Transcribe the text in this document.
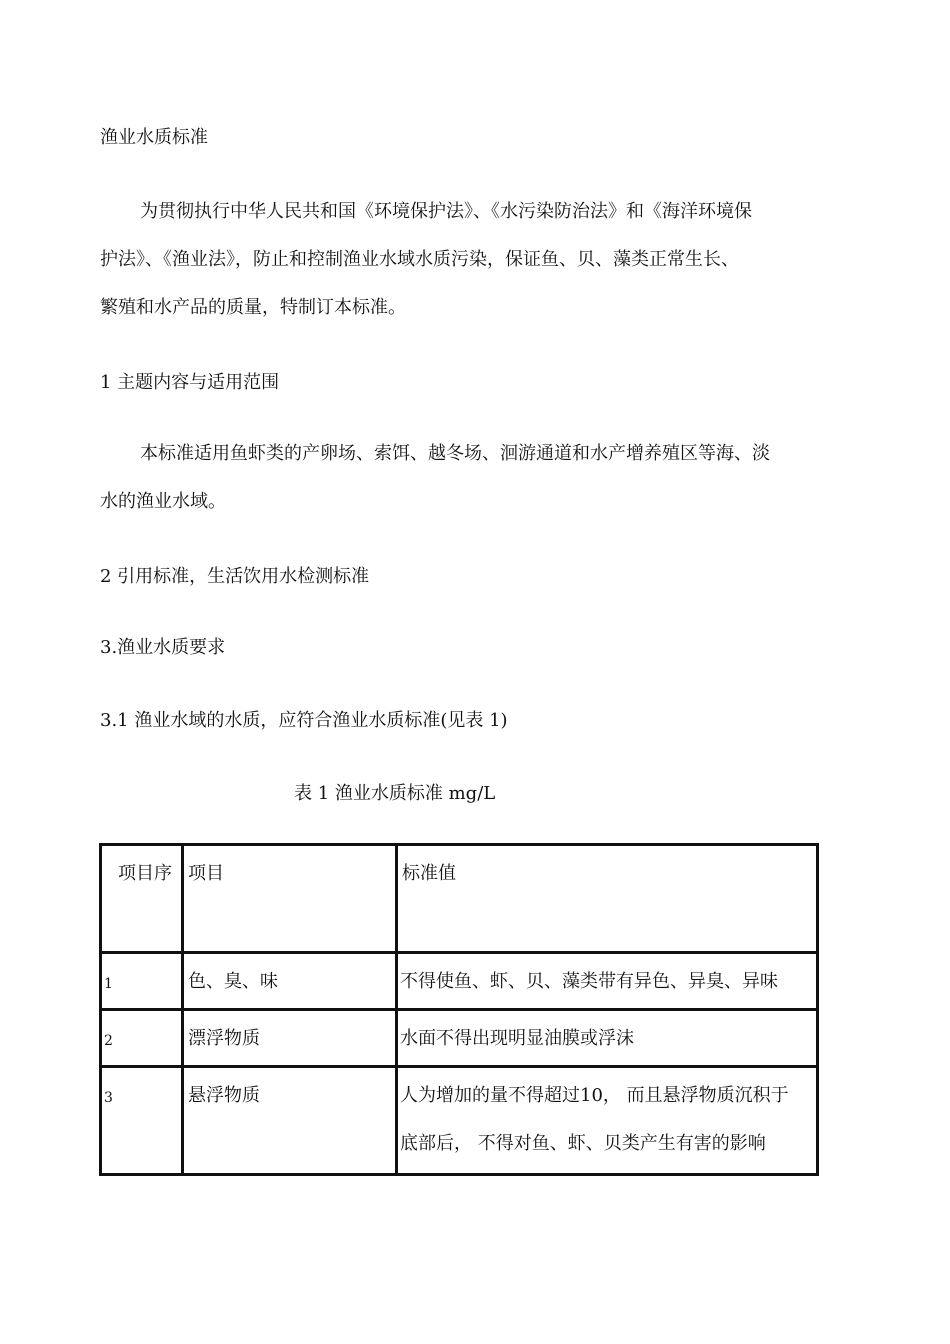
渔业水质标准

为贯彻执行中华人民共和国《环境保护法》、《水污染防治法》和《海洋环境保

护法》、《渔业法》，防止和控制渔业水域水质污染，保证鱼、贝、藻类正常生长、

繁殖和水产品的质量，特制订本标准。

1 主题内容与适用范围

本标准适用鱼虾类的产卵场、索饵、越冬场、洄游通道和水产增养殖区等海、淡

水的渔业水域。

2 引用标准，生活饮用水检测标准

3.渔业水质要求

3.1 渔业水域的水质，应符合渔业水质标准(见表 1)

表 1 渔业水质标准 mg/L
项目序	项目	标准值

1	色、臭、味	不得使鱼、虾、贝、藻类带有异色、异臭、异味

2	漂浮物质	水面不得出现明显油膜或浮沫

3	悬浮物质	人为增加的量不得超过10， 而且悬浮物质沉积于
底部后， 不得对鱼、虾、贝类产生有害的影响
